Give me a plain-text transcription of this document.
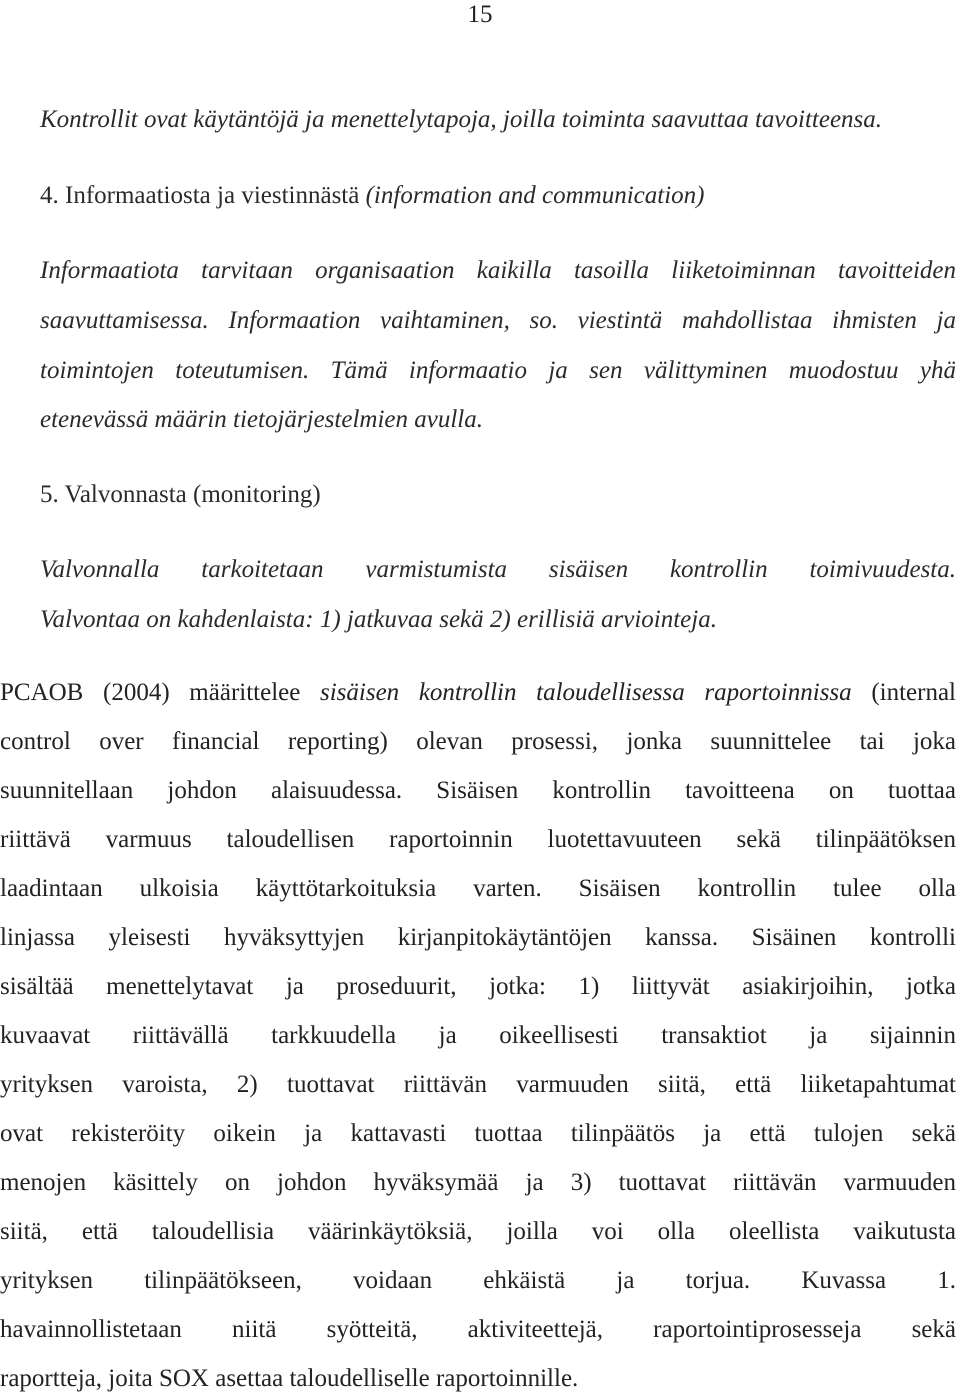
15
Kontrollit ovat käytäntöjä ja menettelytapoja, joilla toiminta saavuttaa tavoitteensa.
4. Informaatiosta ja viestinnästä (information and communication)
Informaatiota tarvitaan organisaation kaikilla tasoilla liiketoiminnan tavoitteiden
saavuttamisessa. Informaation vaihtaminen, so. viestintä mahdollistaa ihmisten ja
toimintojen toteutumisen. Tämä informaatio ja sen välittyminen muodostuu yhä
etenevässä määrin tietojärjestelmien avulla.
5. Valvonnasta (monitoring)
Valvonnalla tarkoitetaan varmistumista sisäisen kontrollin toimivuudesta.
Valvontaa on kahdenlaista: 1) jatkuvaa sekä 2) erillisiä arviointeja.
PCAOB (2004) määrittelee sisäisen kontrollin taloudellisessa raportoinnissa (internal
control over financial reporting) olevan prosessi, jonka suunnittelee tai joka
suunnitellaan johdon alaisuudessa. Sisäisen kontrollin tavoitteena on tuottaa
riittävä varmuus taloudellisen raportoinnin luotettavuuteen sekä tilinpäätöksen
laadintaan ulkoisia käyttötarkoituksia varten. Sisäisen kontrollin tulee olla
linjassa yleisesti hyväksyttyjen kirjanpitokäytäntöjen kanssa. Sisäinen kontrolli
sisältää menettelytavat ja proseduurit, jotka: 1) liittyvät asiakirjoihin, jotka
kuvaavat riittävällä tarkkuudella ja oikeellisesti transaktiot ja sijainnin
yrityksen varoista, 2) tuottavat riittävän varmuuden siitä, että liiketapahtumat
ovat rekisteröity oikein ja kattavasti tuottaa tilinpäätös ja että tulojen sekä
menojen käsittely on johdon hyväksymää ja 3) tuottavat riittävän varmuuden
siitä, että taloudellisia väärinkäytöksiä, joilla voi olla oleellista vaikutusta
yrityksen tilinpäätökseen, voidaan ehkäistä ja torjua. Kuvassa 1.
havainnollistetaan niitä syötteitä, aktiviteettejä, raportointiprosesseja sekä
raportteja, joita SOX asettaa taloudelliselle raportoinnille.
